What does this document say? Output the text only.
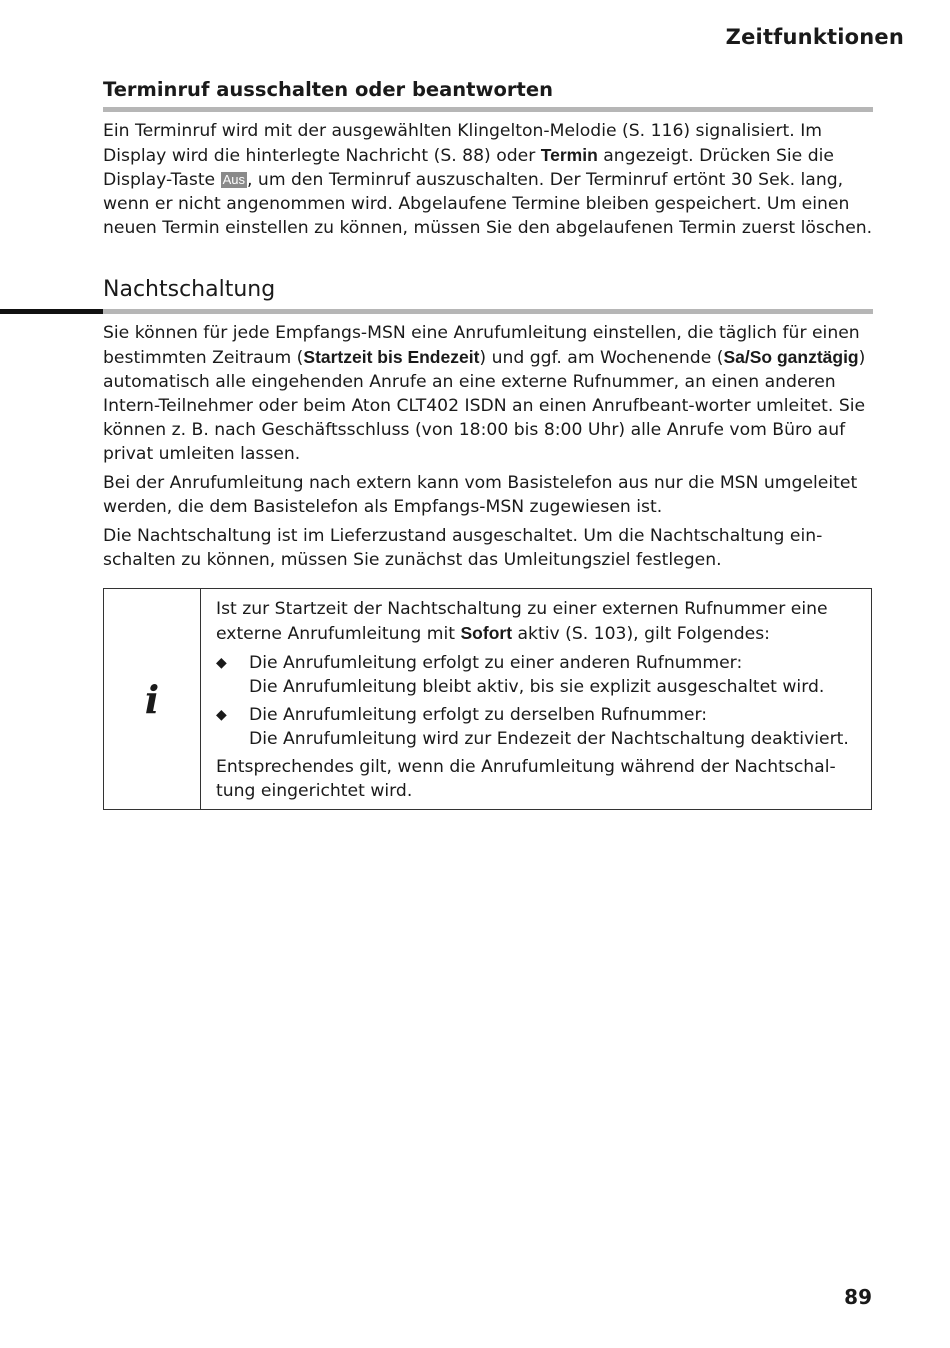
Zeitfunktionen
Terminruf ausschalten oder beantworten

Ein Terminruf wird mit der ausgewählten Klingelton-Melodie (S. 116) signalisiert. Im Display wird die hinterlegte Nachricht (S. 88) oder Termin angezeigt. Drücken Sie die Display-Taste Aus , um den Terminruf auszuschalten. Der Terminruf ertönt 30 Sek. lang, wenn er nicht angenommen wird. Abgelaufene Termine bleiben gespeichert. Um einen neuen Termin einstellen zu können, müssen Sie den abgelaufenen Termin zuerst löschen.

Nachtschaltung

Sie können für jede Empfangs-MSN eine Anrufumleitung einstellen, die täglich für einen bestimmten Zeitraum (Startzeit bis Endezeit) und ggf. am Wochenende (Sa/So ganztägig) automatisch alle eingehenden Anrufe an eine externe Rufnummer, an einen anderen Intern-Teilnehmer oder beim Aton CLT402 ISDN an einen Anrufbeant-worter umleitet. Sie können z. B. nach Geschäftsschluss (von 18:00 bis 8:00 Uhr) alle Anrufe vom Büro auf privat umleiten lassen.

Bei der Anrufumleitung nach extern kann vom Basistelefon aus nur die MSN umgeleitet werden, die dem Basistelefon als Empfangs-MSN zugewiesen ist.

Die Nachtschaltung ist im Lieferzustand ausgeschaltet. Um die Nachtschaltung ein-schalten zu können, müssen Sie zunächst das Umleitungsziel festlegen.

i

Ist zur Startzeit der Nachtschaltung zu einer externen Rufnummer eine externe Anrufumleitung mit Sofort aktiv (S. 103), gilt Folgendes:

◆	Die Anrufumleitung erfolgt zu einer anderen Rufnummer:
Die Anrufumleitung bleibt aktiv, bis sie explizit ausgeschaltet wird.
◆	Die Anrufumleitung erfolgt zu derselben Rufnummer:
Die Anrufumleitung wird zur Endezeit der Nachtschaltung deaktiviert.

Entsprechendes gilt, wenn die Anrufumleitung während der Nachtschal-tung eingerichtet wird.

89
